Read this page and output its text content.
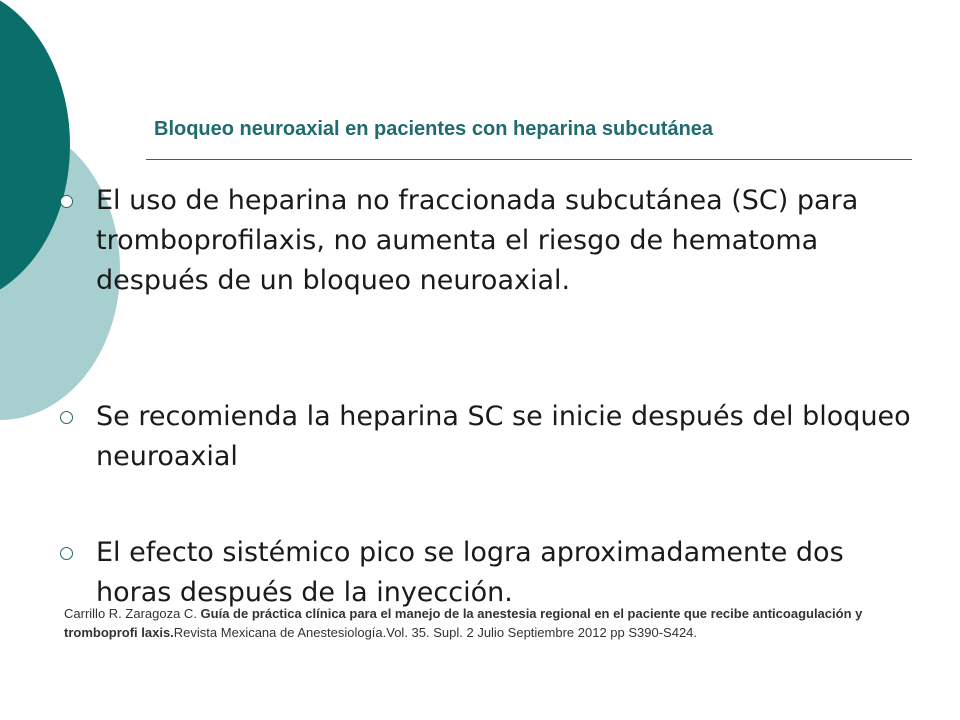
Bloqueo neuroaxial en pacientes con heparina subcutánea
El uso de heparina no fraccionada subcutánea (SC) para tromboprofilaxis, no aumenta el riesgo de hematoma después de un bloqueo neuroaxial.
Se recomienda la heparina SC se inicie después del bloqueo neuroaxial
El efecto sistémico pico se logra aproximadamente dos horas después de la inyección.
Carrillo R. Zaragoza C. Guía de práctica clínica para el manejo de la anestesia regional en el paciente que recibe anticoagulación y tromboprofi laxis.Revista Mexicana de Anestesiología.Vol. 35. Supl. 2 Julio Septiembre 2012 pp S390-S424.
